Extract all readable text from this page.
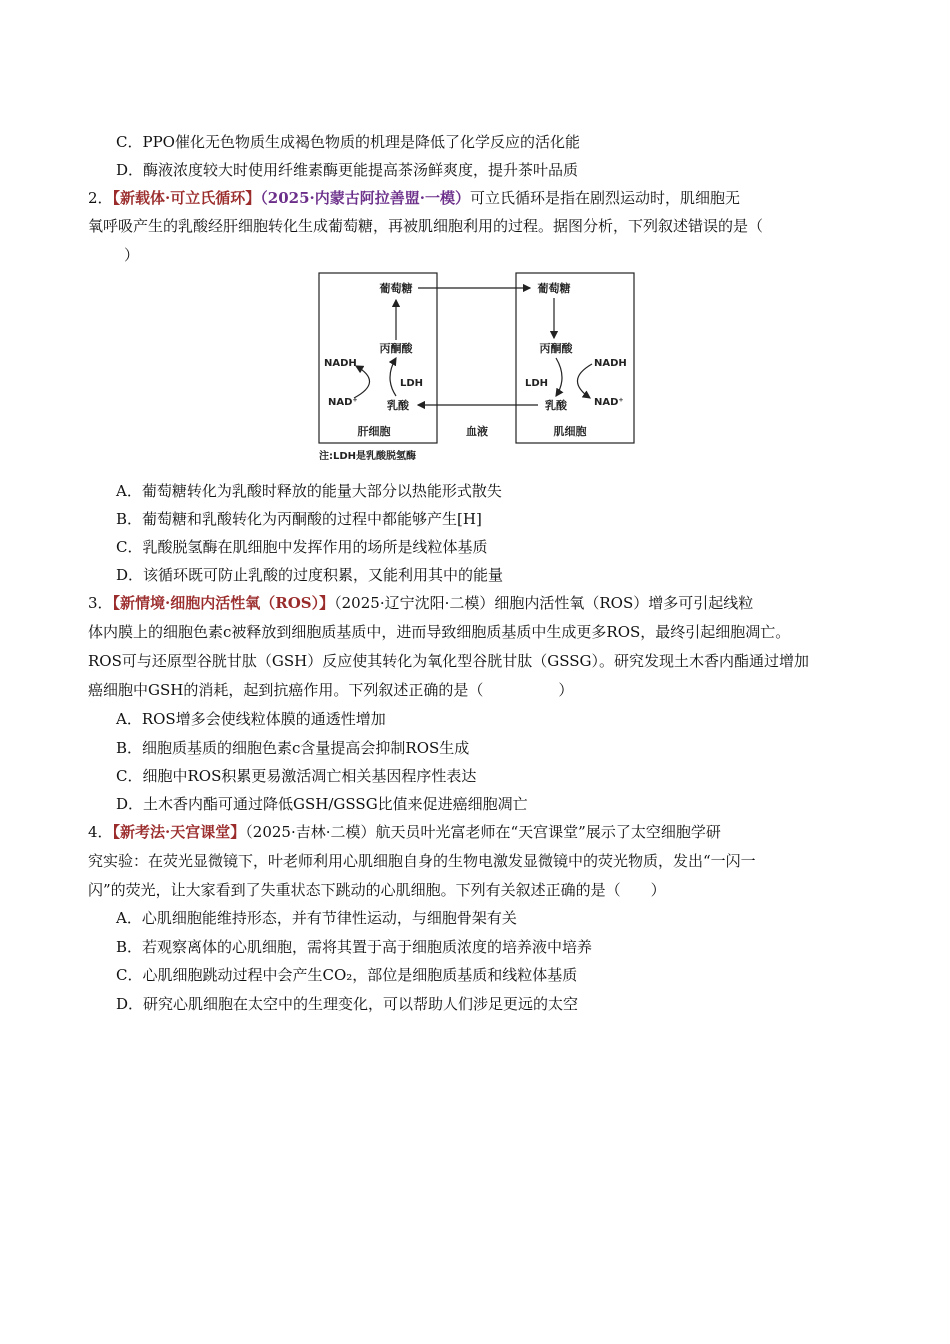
C．PPO催化无色物质生成褐色物质的机理是降低了化学反应的活化能
D．酶液浓度较大时使用纤维素酶更能提高茶汤鲜爽度，提升茶叶品质
2．【新载体·可立氏循环】（2025·内蒙古阿拉善盟·一模）可立氏循环是指在剧烈运动时，肌细胞无
氧呼吸产生的乳酸经肝细胞转化生成葡萄糖，再被肌细胞利用的过程。据图分析，下列叙述错误的是（
）
葡萄糖
丙酮酸
NADH
LDH
NAD⁺	乳酸
肝细胞
葡萄糖
丙酮酸
NADH
LDH
NAD⁺
乳酸
肌细胞
血液
注:LDH是乳酸脱氢酶
A．葡萄糖转化为乳酸时释放的能量大部分以热能形式散失
B．葡萄糖和乳酸转化为丙酮酸的过程中都能够产生[H]
C．乳酸脱氢酶在肌细胞中发挥作用的场所是线粒体基质
D．该循环既可防止乳酸的过度积累，又能利用其中的能量
3．【新情境·细胞内活性氧（ROS）】（2025·辽宁沈阳·二模）细胞内活性氧（ROS）增多可引起线粒
体内膜上的细胞色素c被释放到细胞质基质中，进而导致细胞质基质中生成更多ROS，最终引起细胞凋亡。
ROS可与还原型谷胱甘肽（GSH）反应使其转化为氧化型谷胱甘肽（GSSG）。研究发现土木香内酯通过增加
癌细胞中GSH的消耗，起到抗癌作用。下列叙述正确的是（　　　　　）
A．ROS增多会使线粒体膜的通透性增加
B．细胞质基质的细胞色素c含量提高会抑制ROS生成
C．细胞中ROS积累更易激活凋亡相关基因程序性表达
D．土木香内酯可通过降低GSH/GSSG比值来促进癌细胞凋亡
4．【新考法·天宫课堂】（2025·吉林·二模）航天员叶光富老师在“天宫课堂”展示了太空细胞学研
究实验：在荧光显微镜下，叶老师利用心肌细胞自身的生物电激发显微镜中的荧光物质，发出“一闪一
闪”的荧光，让大家看到了失重状态下跳动的心肌细胞。下列有关叙述正确的是（　　）
A．心肌细胞能维持形态，并有节律性运动，与细胞骨架有关
B．若观察离体的心肌细胞，需将其置于高于细胞质浓度的培养液中培养
C．心肌细胞跳动过程中会产生CO₂，部位是细胞质基质和线粒体基质
D．研究心肌细胞在太空中的生理变化，可以帮助人们涉足更远的太空
